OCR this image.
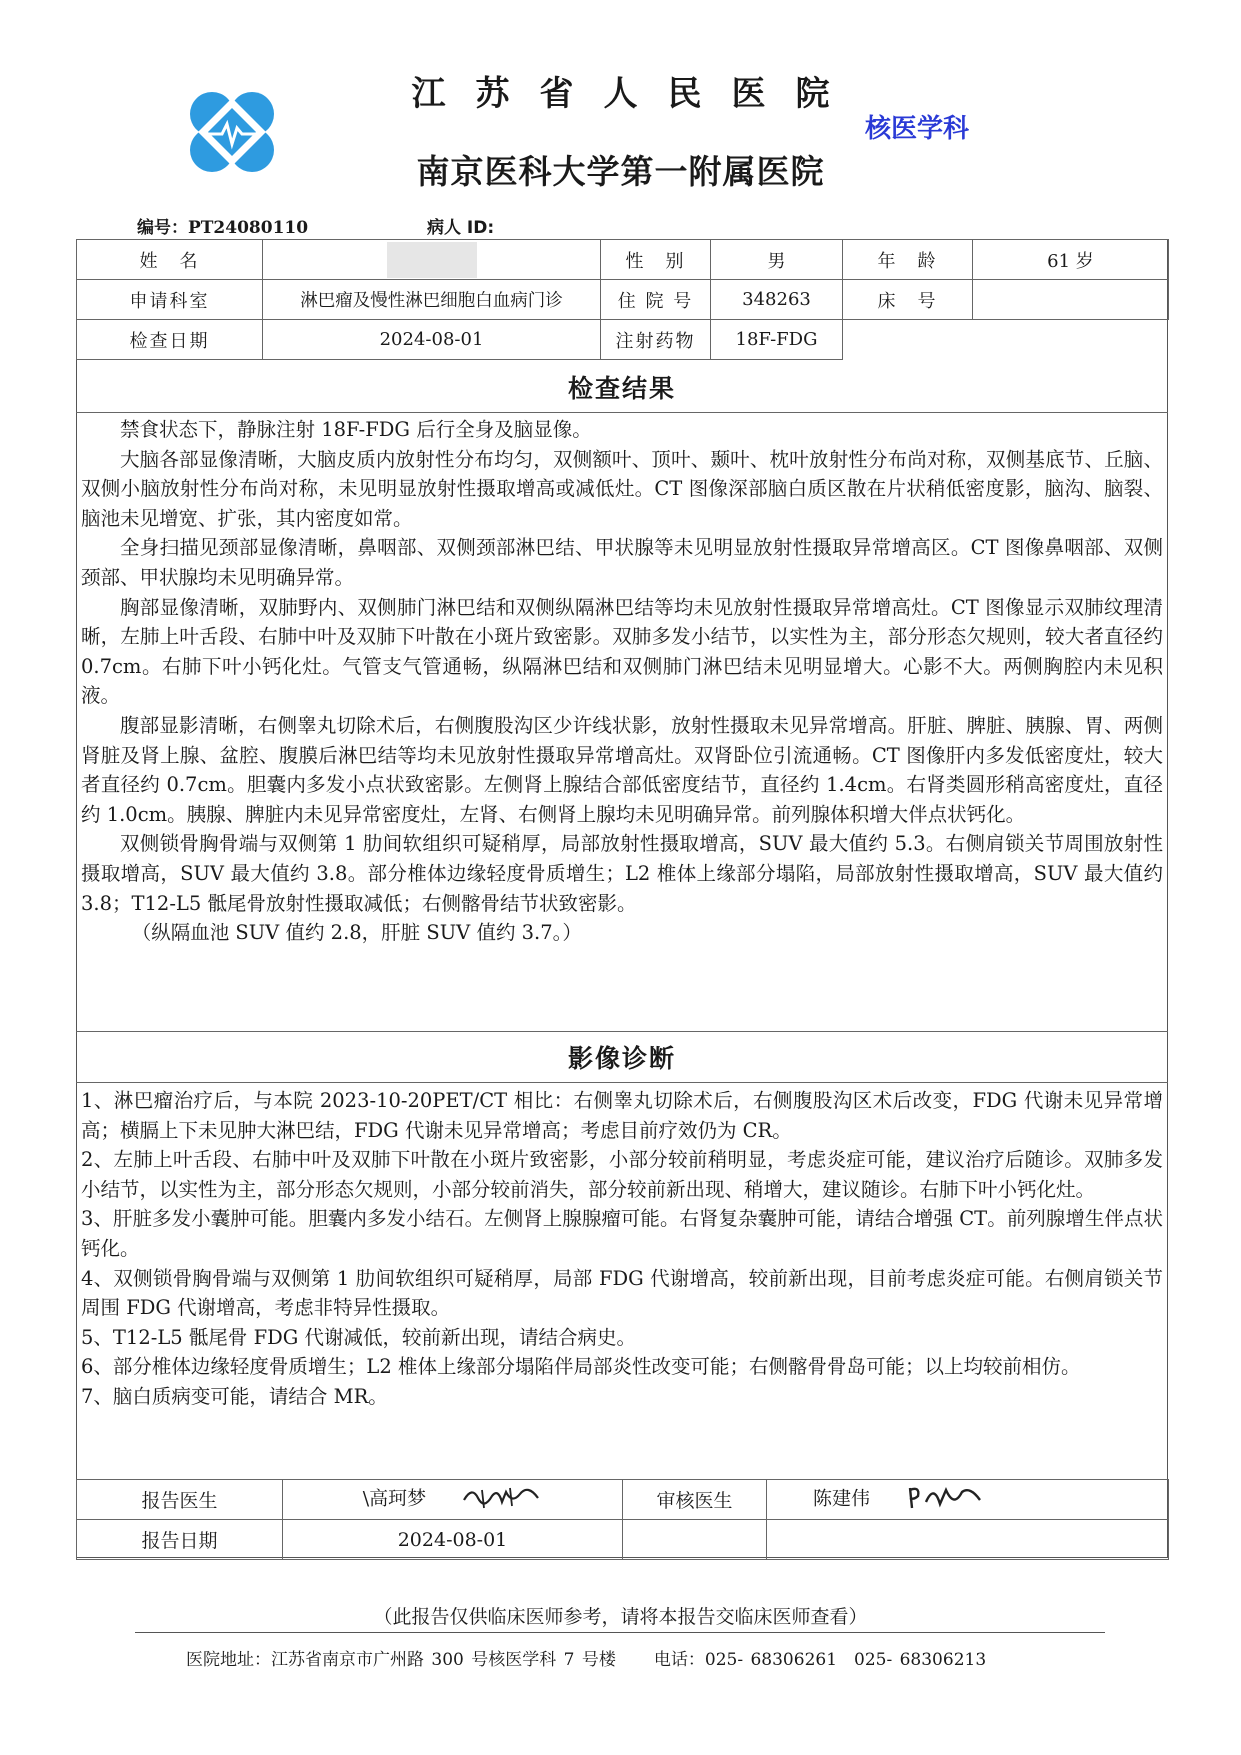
江苏省人民医院
南京医科大学第一附属医院
核医学科
编号：PT24080110	病人 ID:
姓　名		性　别	男	年　龄	61 岁
申请科室	淋巴瘤及慢性淋巴细胞白血病门诊	住 院 号	348263	床　号	
检查日期	2024-08-01	注射药物	18F-FDG		
检查结果

禁食状态下，静脉注射 18F-FDG 后行全身及脑显像。

大脑各部显像清晰，大脑皮质内放射性分布均匀，双侧额叶、顶叶、颞叶、枕叶放射性分布尚对称，双侧基底节、丘脑、双侧小脑放射性分布尚对称，未见明显放射性摄取增高或减低灶。CT 图像深部脑白质区散在片状稍低密度影，脑沟、脑裂、脑池未见增宽、扩张，其内密度如常。

全身扫描见颈部显像清晰，鼻咽部、双侧颈部淋巴结、甲状腺等未见明显放射性摄取异常增高区。CT 图像鼻咽部、双侧颈部、甲状腺均未见明确异常。

胸部显像清晰，双肺野内、双侧肺门淋巴结和双侧纵隔淋巴结等均未见放射性摄取异常增高灶。CT 图像显示双肺纹理清晰，左肺上叶舌段、右肺中叶及双肺下叶散在小斑片致密影。双肺多发小结节，以实性为主，部分形态欠规则，较大者直径约 0.7cm。右肺下叶小钙化灶。气管支气管通畅，纵隔淋巴结和双侧肺门淋巴结未见明显增大。心影不大。两侧胸腔内未见积液。

腹部显影清晰，右侧睾丸切除术后，右侧腹股沟区少许线状影，放射性摄取未见异常增高。肝脏、脾脏、胰腺、胃、两侧肾脏及肾上腺、盆腔、腹膜后淋巴结等均未见放射性摄取异常增高灶。双肾卧位引流通畅。CT 图像肝内多发低密度灶，较大者直径约 0.7cm。胆囊内多发小点状致密影。左侧肾上腺结合部低密度结节，直径约 1.4cm。右肾类圆形稍高密度灶，直径约 1.0cm。胰腺、脾脏内未见异常密度灶，左肾、右侧肾上腺均未见明确异常。前列腺体积增大伴点状钙化。

双侧锁骨胸骨端与双侧第 1 肋间软组织可疑稍厚，局部放射性摄取增高，SUV 最大值约 5.3。右侧肩锁关节周围放射性摄取增高，SUV 最大值约 3.8。部分椎体边缘轻度骨质增生；L2 椎体上缘部分塌陷，局部放射性摄取增高，SUV 最大值约 3.8；T12-L5 骶尾骨放射性摄取减低；右侧髂骨结节状致密影。

（纵隔血池 SUV 值约 2.8，肝脏 SUV 值约 3.7。）

影像诊断

1、淋巴瘤治疗后，与本院 2023-10-20PET/CT 相比：右侧睾丸切除术后，右侧腹股沟区术后改变，FDG 代谢未见异常增高；横膈上下未见肿大淋巴结，FDG 代谢未见异常增高；考虑目前疗效仍为 CR。

2、左肺上叶舌段、右肺中叶及双肺下叶散在小斑片致密影，小部分较前稍明显，考虑炎症可能，建议治疗后随诊。双肺多发小结节，以实性为主，部分形态欠规则，小部分较前消失，部分较前新出现、稍增大，建议随诊。右肺下叶小钙化灶。

3、肝脏多发小囊肿可能。胆囊内多发小结石。左侧肾上腺腺瘤可能。右肾复杂囊肿可能，请结合增强 CT。前列腺增生伴点状钙化。

4、双侧锁骨胸骨端与双侧第 1 肋间软组织可疑稍厚，局部 FDG 代谢增高，较前新出现，目前考虑炎症可能。右侧肩锁关节周围 FDG 代谢增高，考虑非特异性摄取。

5、T12-L5 骶尾骨 FDG 代谢减低，较前新出现，请结合病史。

6、部分椎体边缘轻度骨质增生；L2 椎体上缘部分塌陷伴局部炎性改变可能；右侧髂骨骨岛可能；以上均较前相仿。

7、脑白质病变可能，请结合 MR。

报告医生	\高珂梦	审核医生	陈建伟
报告日期	2024-08-01		
（此报告仅供临床医师参考，请将本报告交临床医师查看）
医院地址：江苏省南京市广州路 300 号核医学科 7 号楼 电话：025- 68306261　025- 68306213
